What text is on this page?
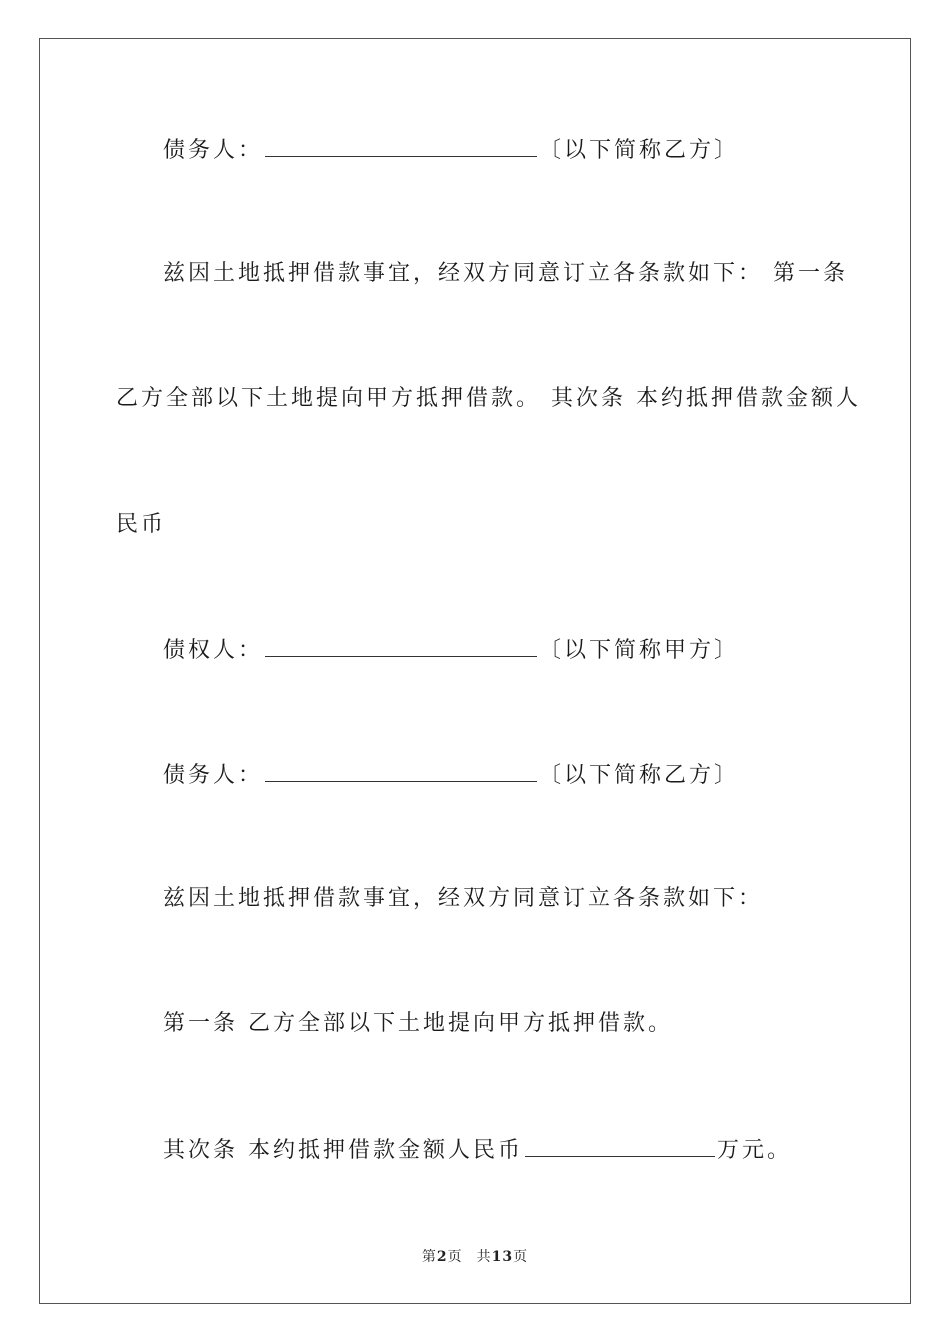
债务人：	〔以下简称乙方〕

兹因土地抵押借款事宜，经双方同意订立各条款如下： 第一条

乙方全部以下土地提向甲方抵押借款。 其次条 本约抵押借款金额人

民币

债权人：	〔以下简称甲方〕

债务人：	〔以下简称乙方〕

兹因土地抵押借款事宜，经双方同意订立各条款如下：

第一条 乙方全部以下土地提向甲方抵押借款。

其次条 本约抵押借款金额人民币	万元。

第2页 共13页
